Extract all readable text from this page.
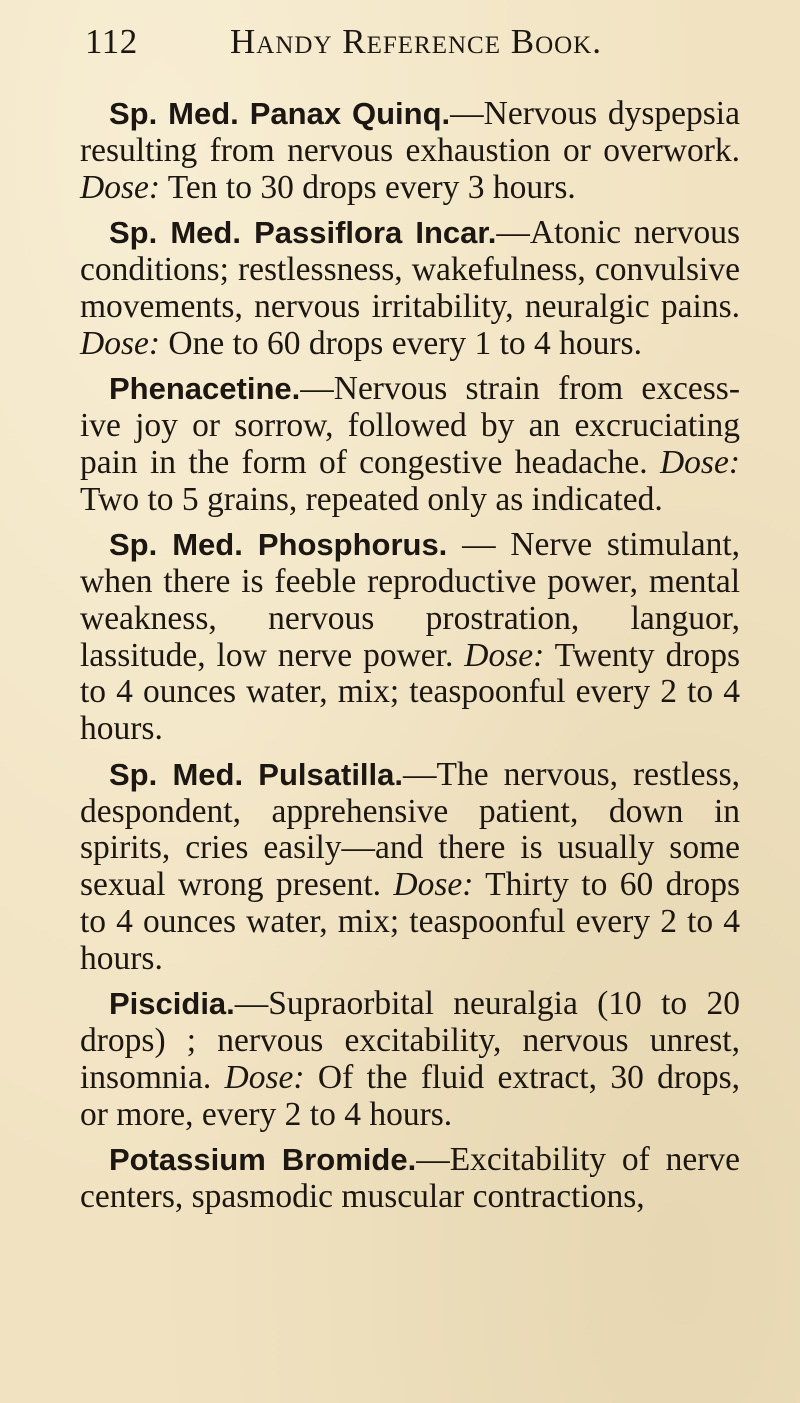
112	Handy Reference Book.

Sp. Med. Panax Quinq.—Nervous dyspepsia resulting from nervous exhaustion or overwork. Dose: Ten to 30 drops every 3 hours.

Sp. Med. Passiflora Incar.—Atonic nervous conditions; restlessness, wakefulness, convulsive movements, nervous irritability, neuralgic pains. Dose: One to 60 drops every 1 to 4 hours.

Phenacetine.—Nervous strain from excessive joy or sorrow, followed by an excruciating pain in the form of congestive headache. Dose: Two to 5 grains, repeated only as indicated.

Sp. Med. Phosphorus. — Nerve stimulant, when there is feeble reproductive power, mental weakness, nervous prostration, languor, lassitude, low nerve power. Dose: Twenty drops to 4 ounces water, mix; teaspoonful every 2 to 4 hours.

Sp. Med. Pulsatilla.—The nervous, restless, despondent, apprehensive patient, down in spirits, cries easily—and there is usually some sexual wrong present. Dose: Thirty to 60 drops to 4 ounces water, mix; teaspoonful every 2 to 4 hours.

Piscidia.—Supraorbital neuralgia (10 to 20 drops) ; nervous excitability, nervous unrest, insomnia. Dose: Of the fluid extract, 30 drops, or more, every 2 to 4 hours.

Potassium Bromide.—Excitability of nerve centers, spasmodic muscular contractions,
